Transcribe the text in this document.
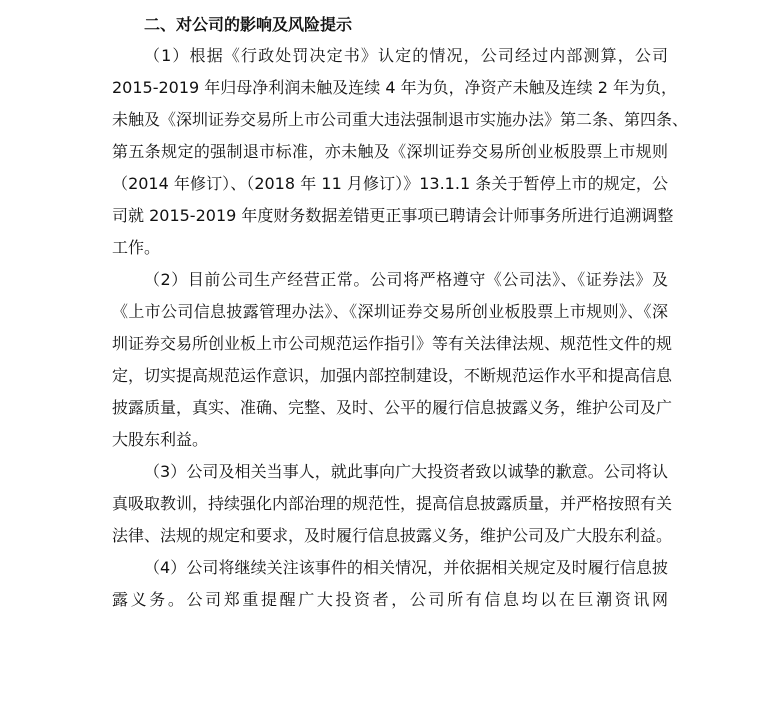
二、对公司的影响及风险提示
（1）根据《行政处罚决定书》认定的情况，公司经过内部测算，公司
2015-2019 年归母净利润未触及连续 4 年为负，净资产未触及连续 2 年为负，
未触及《深圳证券交易所上市公司重大违法强制退市实施办法》第二条、第四条、
第五条规定的强制退市标准，亦未触及《深圳证券交易所创业板股票上市规则
（2014 年修订）、（2018 年 11 月修订）》13.1.1 条关于暂停上市的规定，公
司就 2015-2019 年度财务数据差错更正事项已聘请会计师事务所进行追溯调整
工作。
（2）目前公司生产经营正常。公司将严格遵守《公司法》、《证券法》及
《上市公司信息披露管理办法》、《深圳证券交易所创业板股票上市规则》、《深
圳证券交易所创业板上市公司规范运作指引》等有关法律法规、规范性文件的规
定，切实提高规范运作意识，加强内部控制建设，不断规范运作水平和提高信息
披露质量，真实、准确、完整、及时、公平的履行信息披露义务，维护公司及广
大股东利益。
（3）公司及相关当事人，就此事向广大投资者致以诚挚的歉意。公司将认
真吸取教训，持续强化内部治理的规范性，提高信息披露质量，并严格按照有关
法律、法规的规定和要求，及时履行信息披露义务，维护公司及广大股东利益。
（4）公司将继续关注该事件的相关情况，并依据相关规定及时履行信息披
露义务。公司郑重提醒广大投资者，公司所有信息均以在巨潮资讯网
